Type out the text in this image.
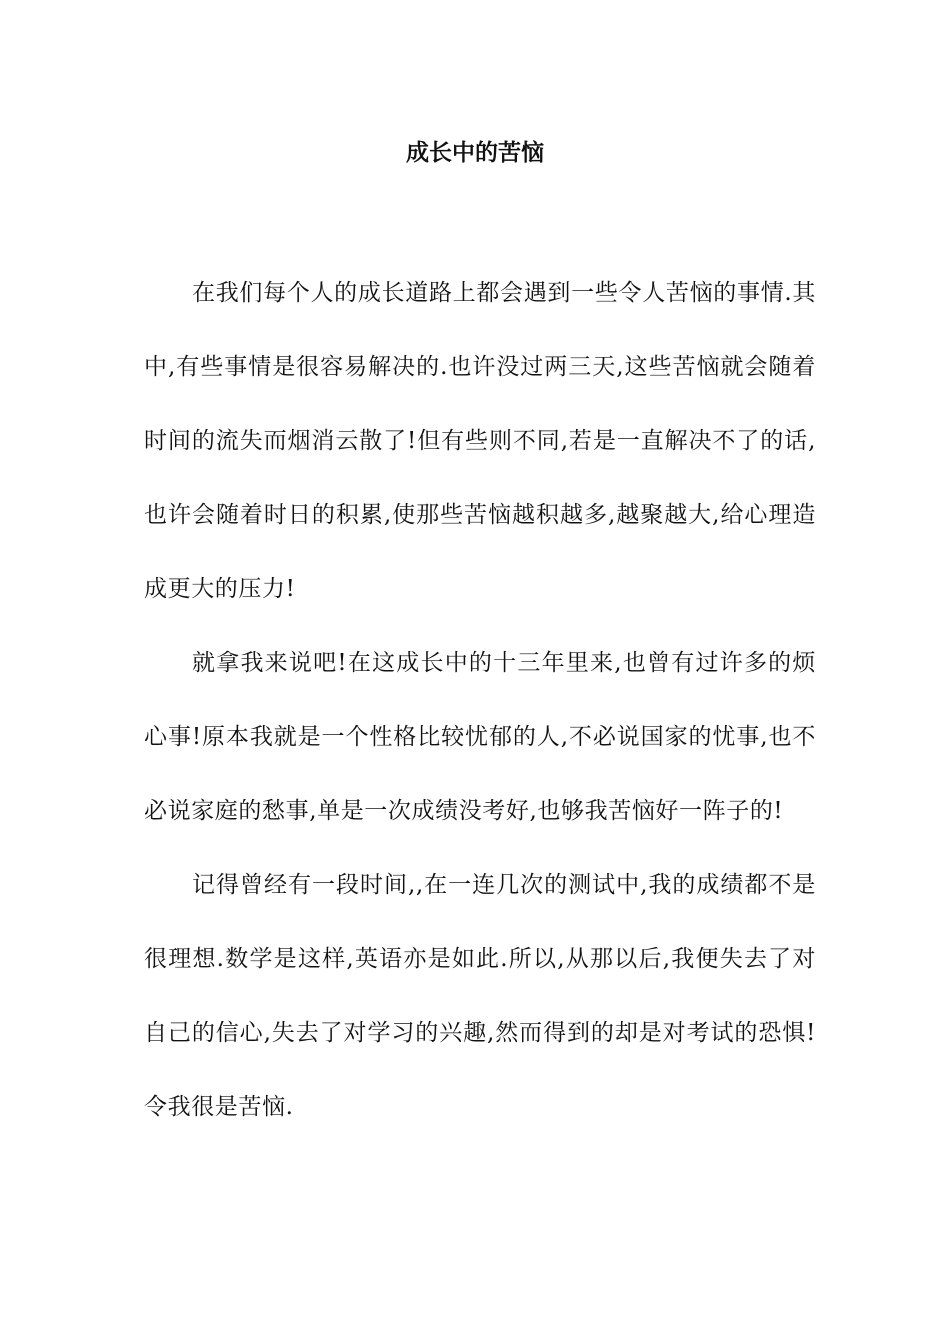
成长中的苦恼

在我们每个人的成长道路上都会遇到一些令人苦恼的事情.其中,有些事情是很容易解决的.也许没过两三天,这些苦恼就会随着时间的流失而烟消云散了!但有些则不同,若是一直解决不了的话,也许会随着时日的积累,使那些苦恼越积越多,越聚越大,给心理造成更大的压力!

就拿我来说吧!在这成长中的十三年里来,也曾有过许多的烦心事!原本我就是一个性格比较忧郁的人,不必说国家的忧事,也不必说家庭的愁事,单是一次成绩没考好,也够我苦恼好一阵子的!

记得曾经有一段时间,,在一连几次的测试中,我的成绩都不是很理想.数学是这样,英语亦是如此.所以,从那以后,我便失去了对自己的信心,失去了对学习的兴趣,然而得到的却是对考试的恐惧!令我很是苦恼.
